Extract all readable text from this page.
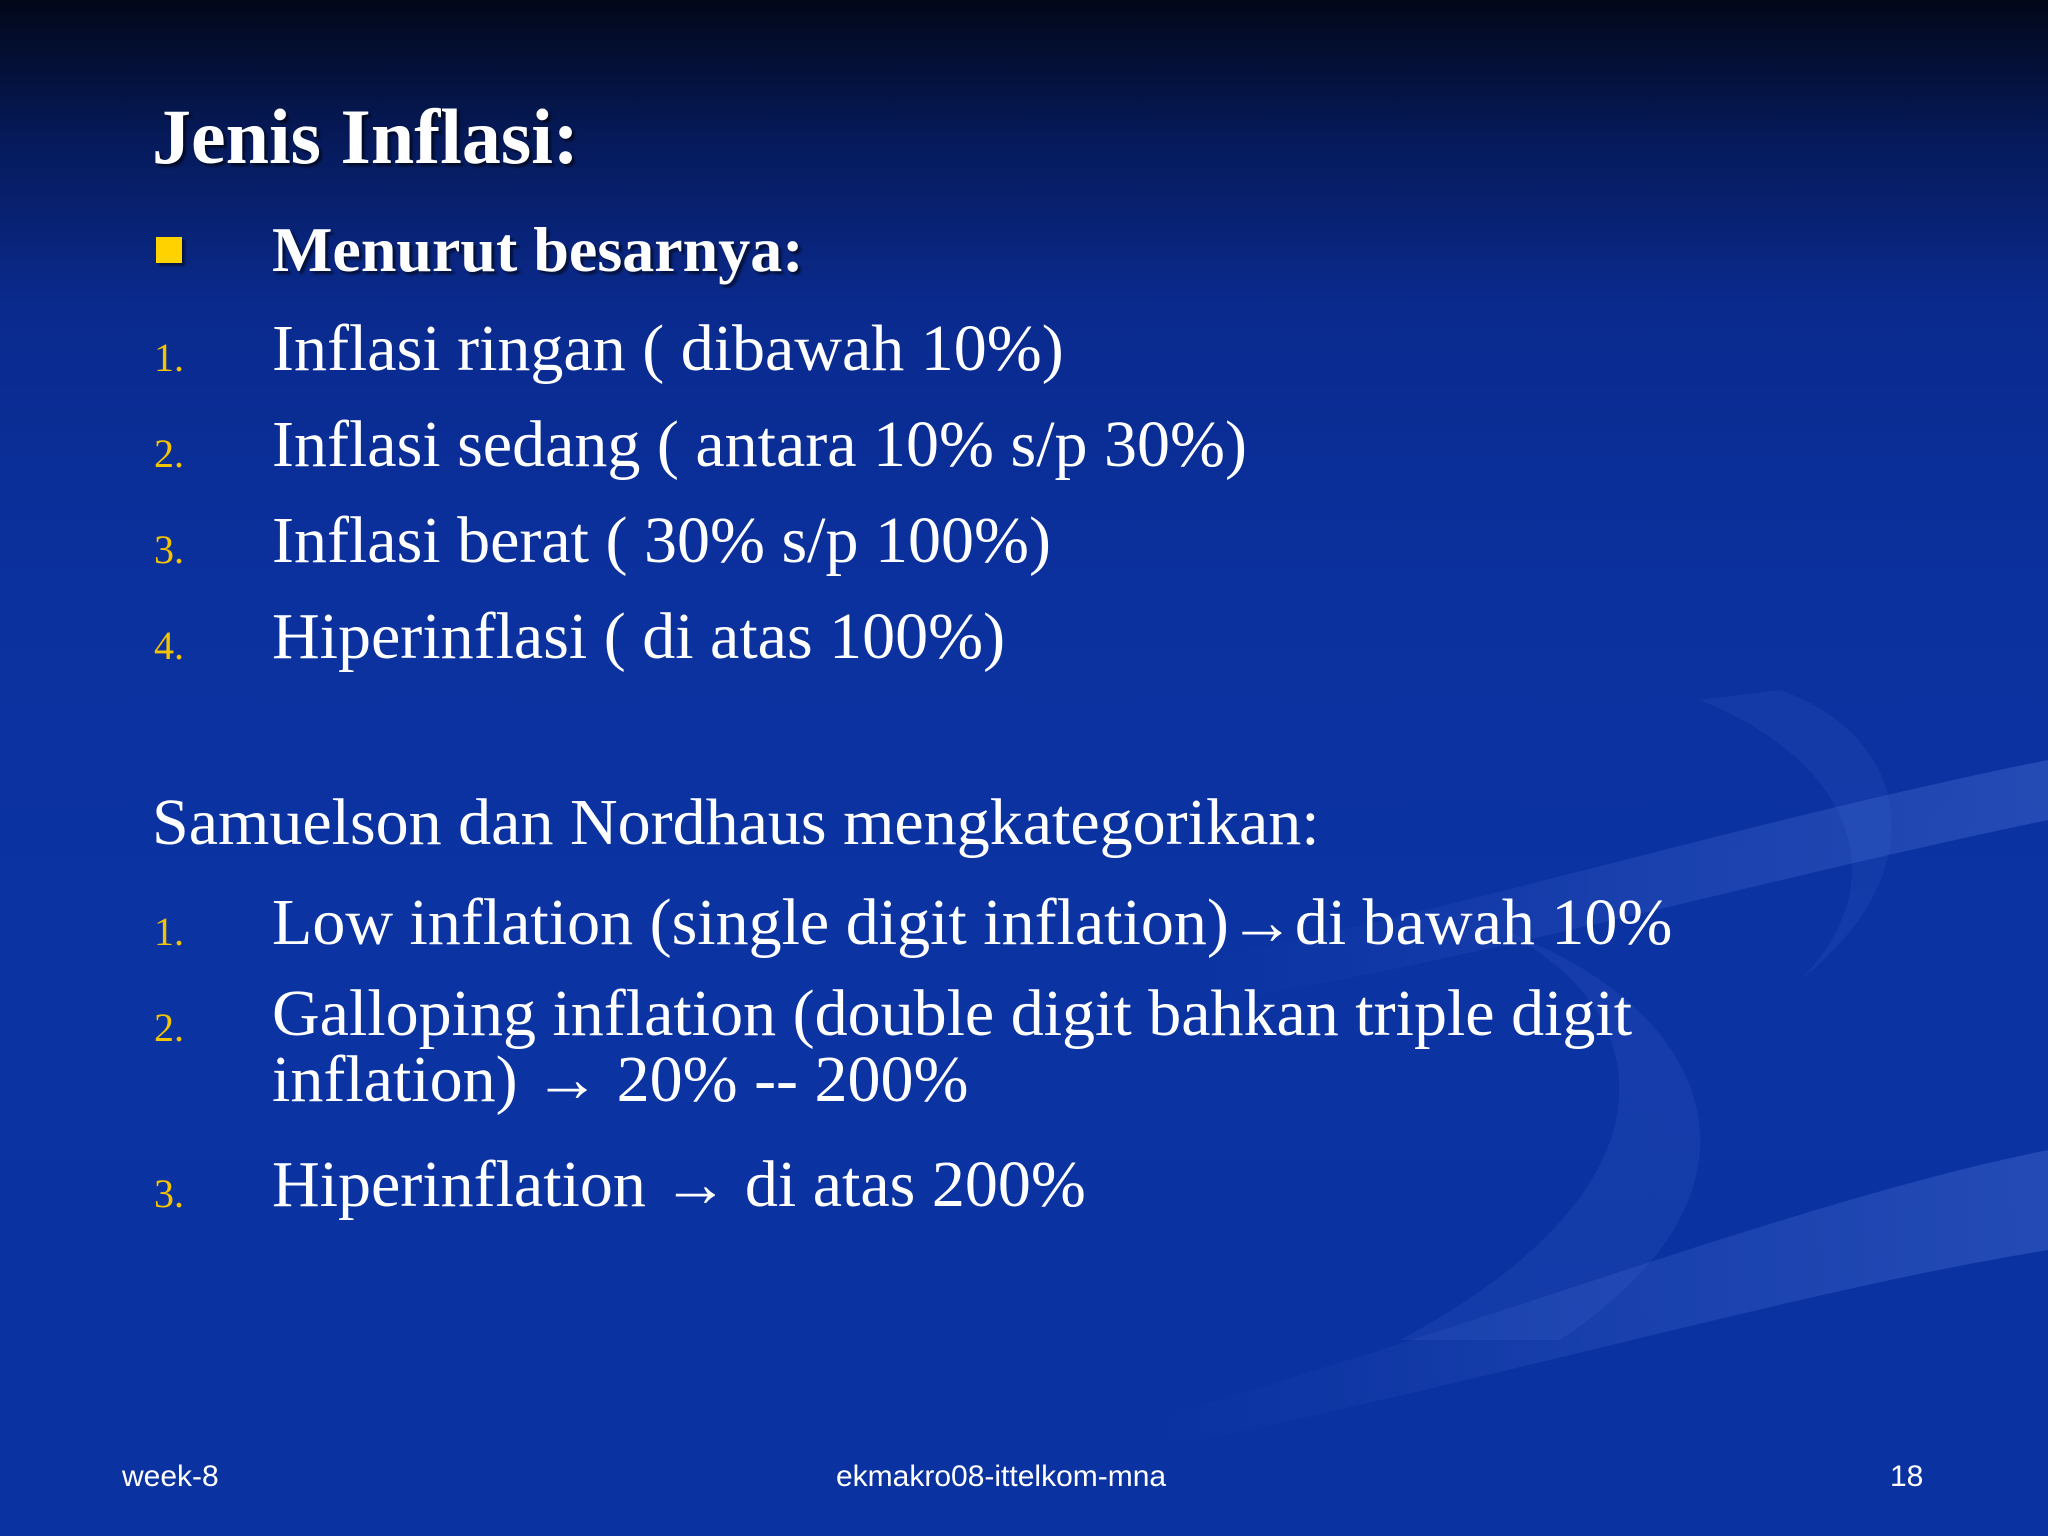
Jenis Inflasi:
Menurut besarnya:
1. Inflasi ringan ( dibawah 10%)
2. Inflasi sedang ( antara 10% s/p 30%)
3. Inflasi berat ( 30% s/p 100%)
4. Hiperinflasi ( di atas 100%)
Samuelson dan Nordhaus mengkategorikan:
1. Low inflation (single digit inflation)→di bawah 10%
2. Galloping inflation (double digit bahkan triple digit
inflation) → 20% -- 200%
3. Hiperinflation → di atas 200%
week-8	ekmakro08-ittelkom-mna	18
